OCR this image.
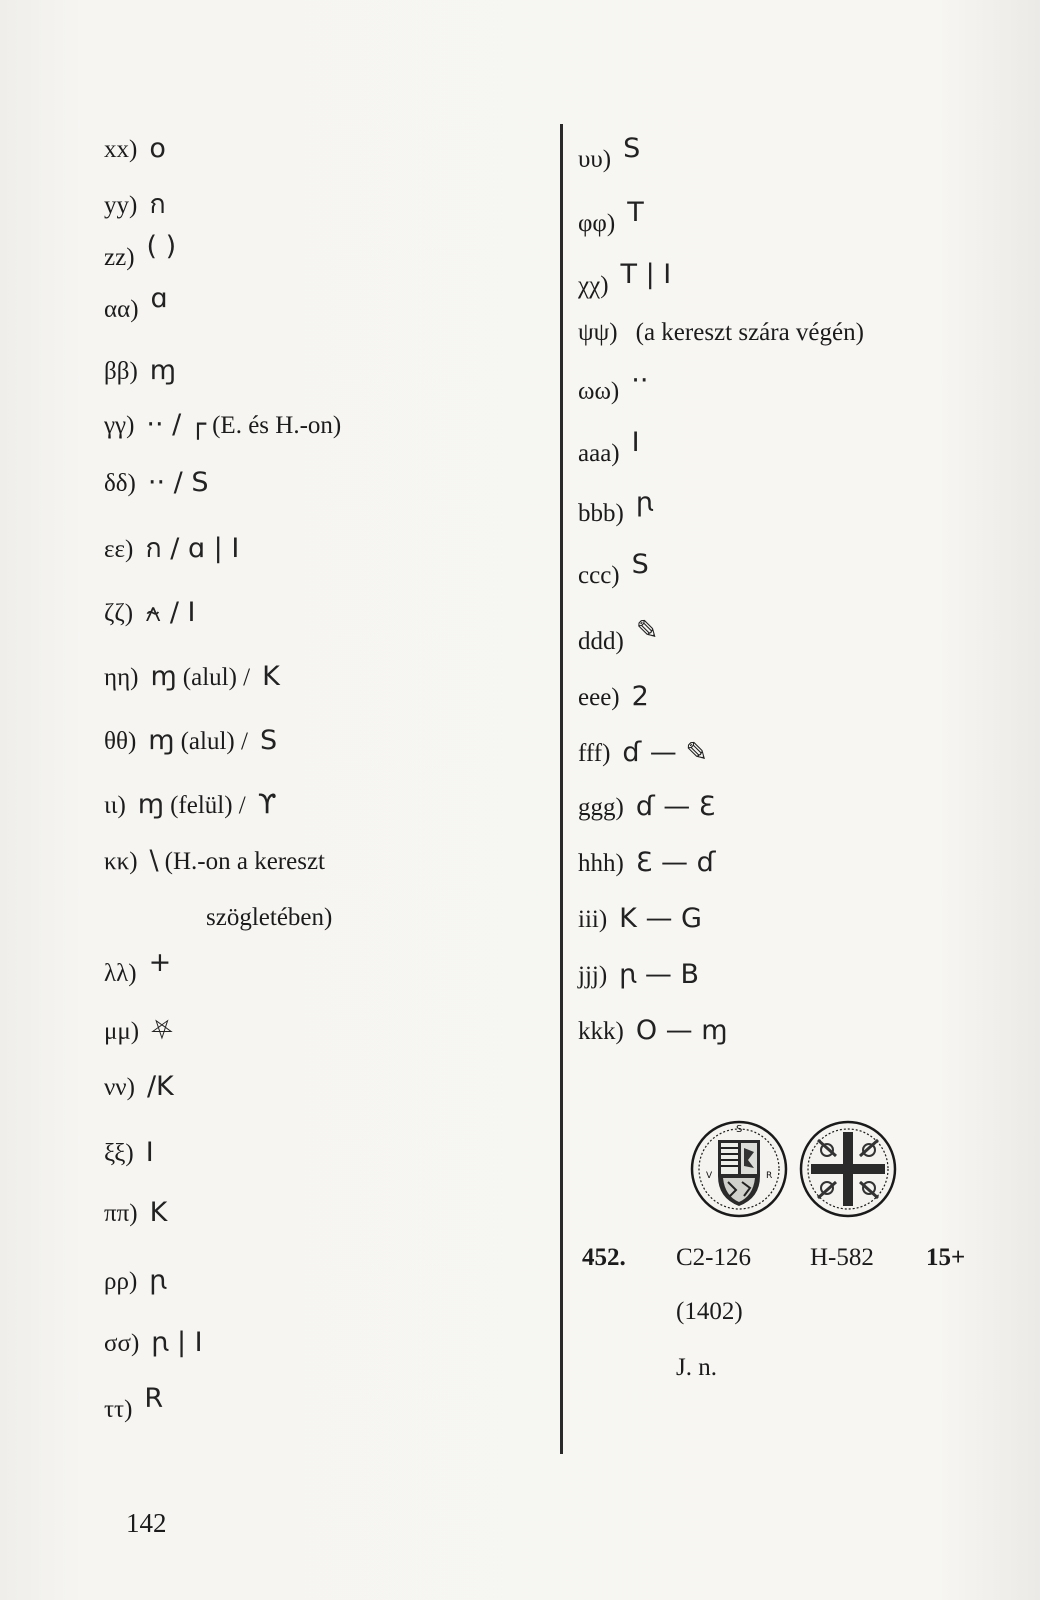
xx) o
yy) ก
zz) ( )
αα) ɑ
ββ) ɱ
γγ) ·· / ┌ (E. és H.-on)
δδ) ·· / S
εε) ก / ɑ | I
ζζ) ⍲ / I
ηη) ɱ (alul) / K
θθ) ɱ (alul) / S
ιι) ɱ (felül) / ϒ
κκ) \ (H.-on a kereszt
szögletében)
λλ) +
μμ) ⛧
νν) ∕K
ξξ) I
ππ) K
ρρ) ꞃ
σσ) ꞃ | I
ττ) R
υυ) S
φφ) T
χχ) T | I
ψψ) (a kereszt szára végén)
ωω) ··
aaa) I
bbb) ꞃ
ccc) S
ddd) ✎
eee) 2
fff) ɗ — ✎
ggg) ɗ — Ɛ
hhh) Ɛ — ɗ
iii) K — G
jjj) ꞃ — B
kkk) O — ɱ
S
V	R
452. C2-126 H-582 15+
(1402)
J. n.
142
